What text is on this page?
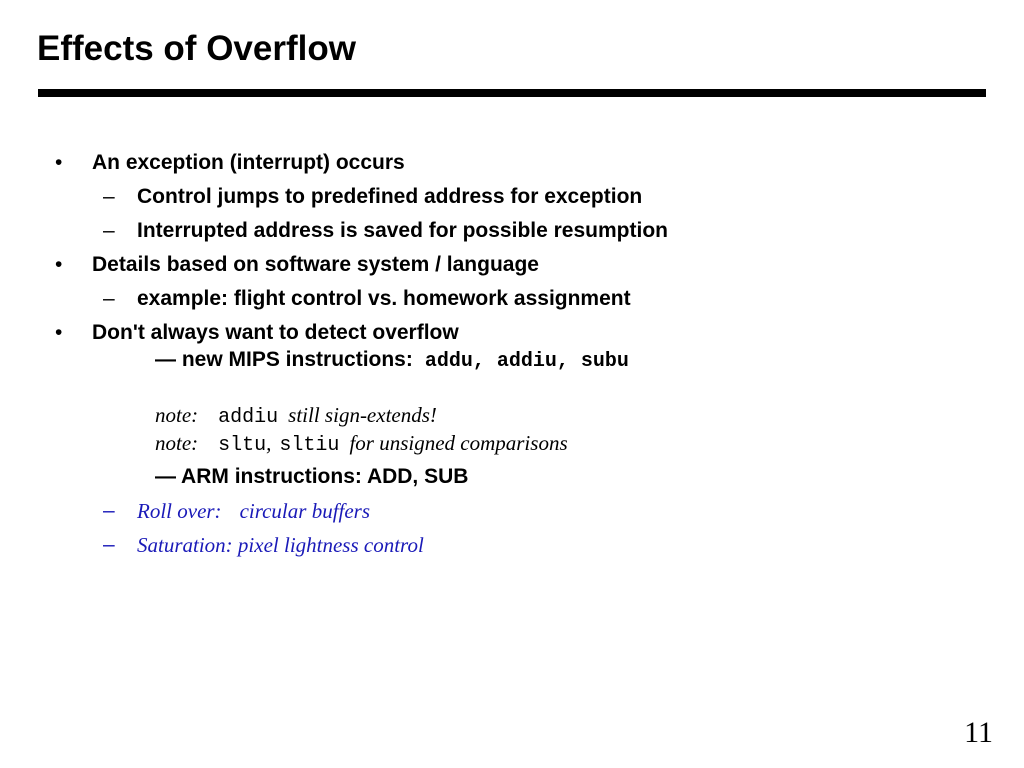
Effects of Overflow
• An exception (interrupt) occurs
– Control jumps to predefined address for exception
– Interrupted address is saved for possible resumption
• Details based on software system / language
– example: flight control vs. homework assignment
• Don't always want to detect overflow
— new MIPS instructions: addu, addiu, subu
note: addiu still sign-extends!
note: sltu, sltiu for unsigned comparisons
— ARM instructions: ADD, SUB
– Roll over: circular buffers
– Saturation: pixel lightness control
11
